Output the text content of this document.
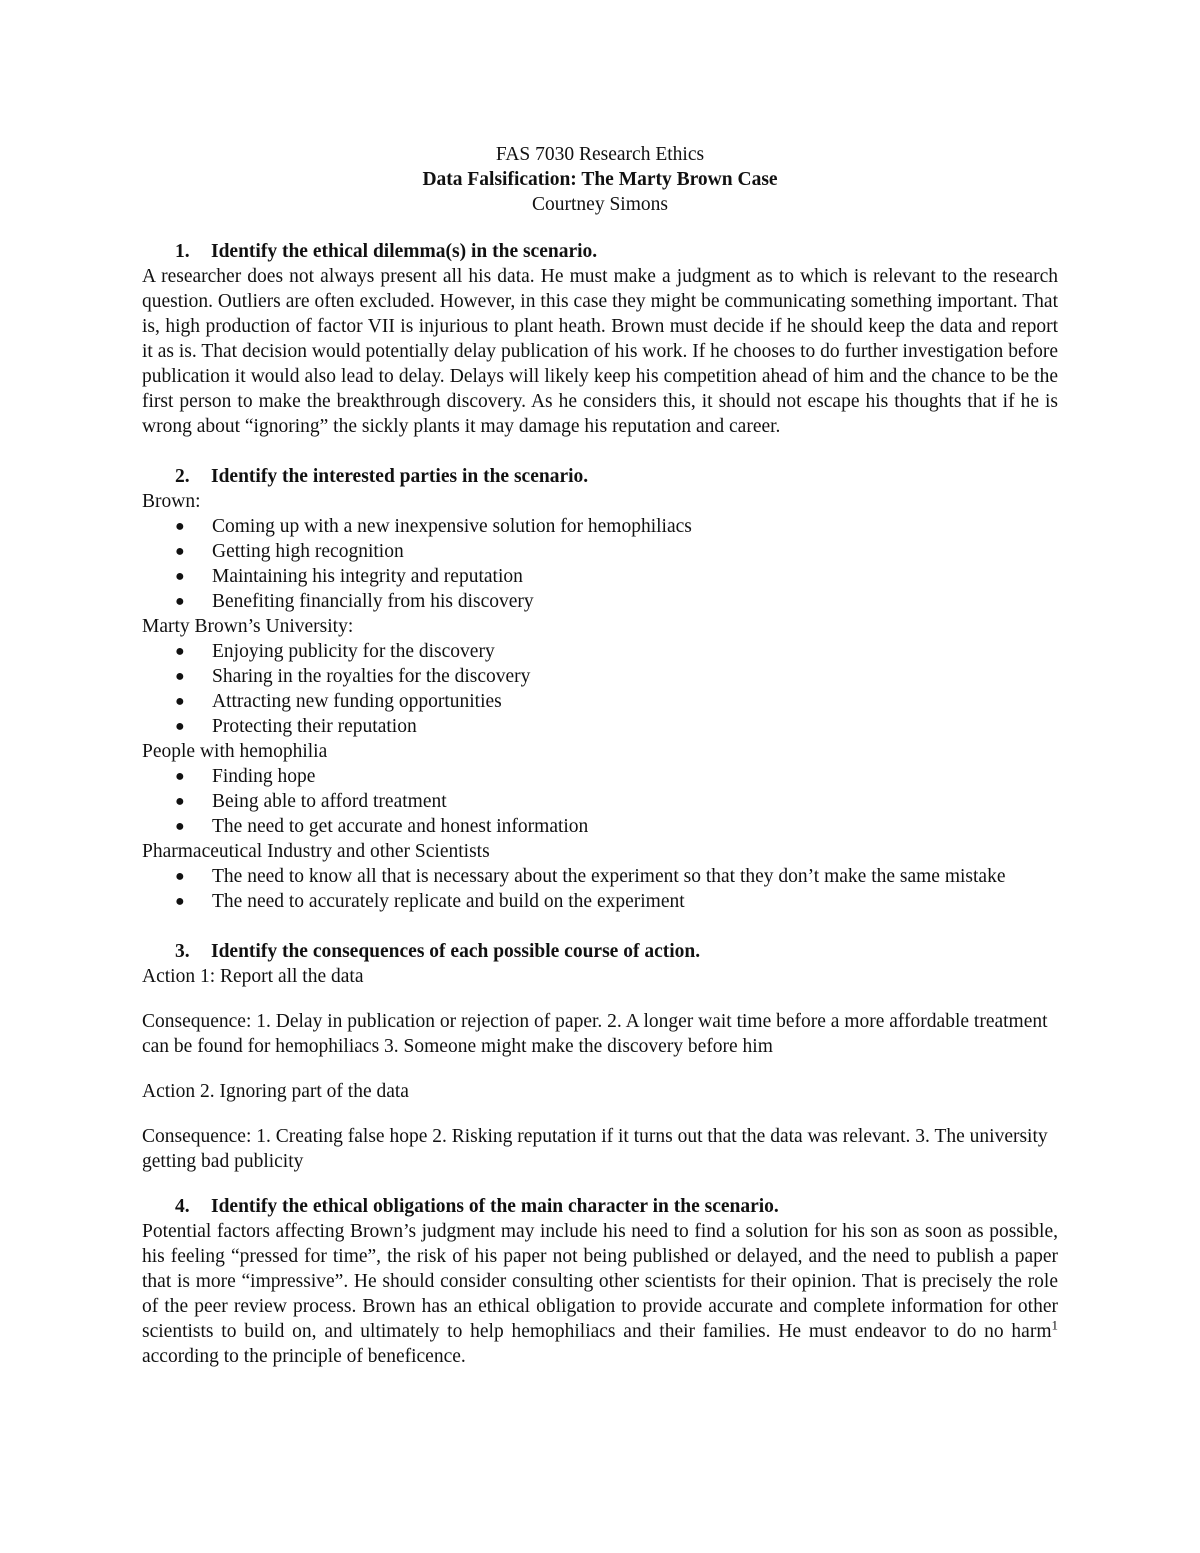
FAS 7030 Research Ethics

Data Falsification: The Marty Brown Case

Courtney Simons

1. Identify the ethical dilemma(s) in the scenario.

A researcher does not always present all his data. He must make a judgment as to which is relevant to the research question. Outliers are often excluded. However, in this case they might be communicating something important. That is, high production of factor VII is injurious to plant heath. Brown must decide if he should keep the data and report it as is. That decision would potentially delay publication of his work. If he chooses to do further investigation before publication it would also lead to delay. Delays will likely keep his competition ahead of him and the chance to be the first person to make the breakthrough discovery. As he considers this, it should not escape his thoughts that if he is wrong about “ignoring” the sickly plants it may damage his reputation and career.

2. Identify the interested parties in the scenario.

Brown:

● Coming up with a new inexpensive solution for hemophiliacs
● Getting high recognition
● Maintaining his integrity and reputation
● Benefiting financially from his discovery

Marty Brown’s University:

● Enjoying publicity for the discovery
● Sharing in the royalties for the discovery
● Attracting new funding opportunities
● Protecting their reputation

People with hemophilia

● Finding hope
● Being able to afford treatment
● The need to get accurate and honest information

Pharmaceutical Industry and other Scientists

● The need to know all that is necessary about the experiment so that they don’t make the same mistake
● The need to accurately replicate and build on the experiment

3. Identify the consequences of each possible course of action.

Action 1: Report all the data

Consequence: 1. Delay in publication or rejection of paper. 2. A longer wait time before a more affordable treatment can be found for hemophiliacs 3. Someone might make the discovery before him

Action 2. Ignoring part of the data

Consequence: 1. Creating false hope 2. Risking reputation if it turns out that the data was relevant. 3. The university getting bad publicity

4. Identify the ethical obligations of the main character in the scenario.

Potential factors affecting Brown’s judgment may include his need to find a solution for his son as soon as possible, his feeling “pressed for time”, the risk of his paper not being published or delayed, and the need to publish a paper that is more “impressive”. He should consider consulting other scientists for their opinion. That is precisely the role of the peer review process. Brown has an ethical obligation to provide accurate and complete information for other scientists to build on, and ultimately to help hemophiliacs and their families. He must endeavor to do no harm$^1$ according to the principle of beneficence.
